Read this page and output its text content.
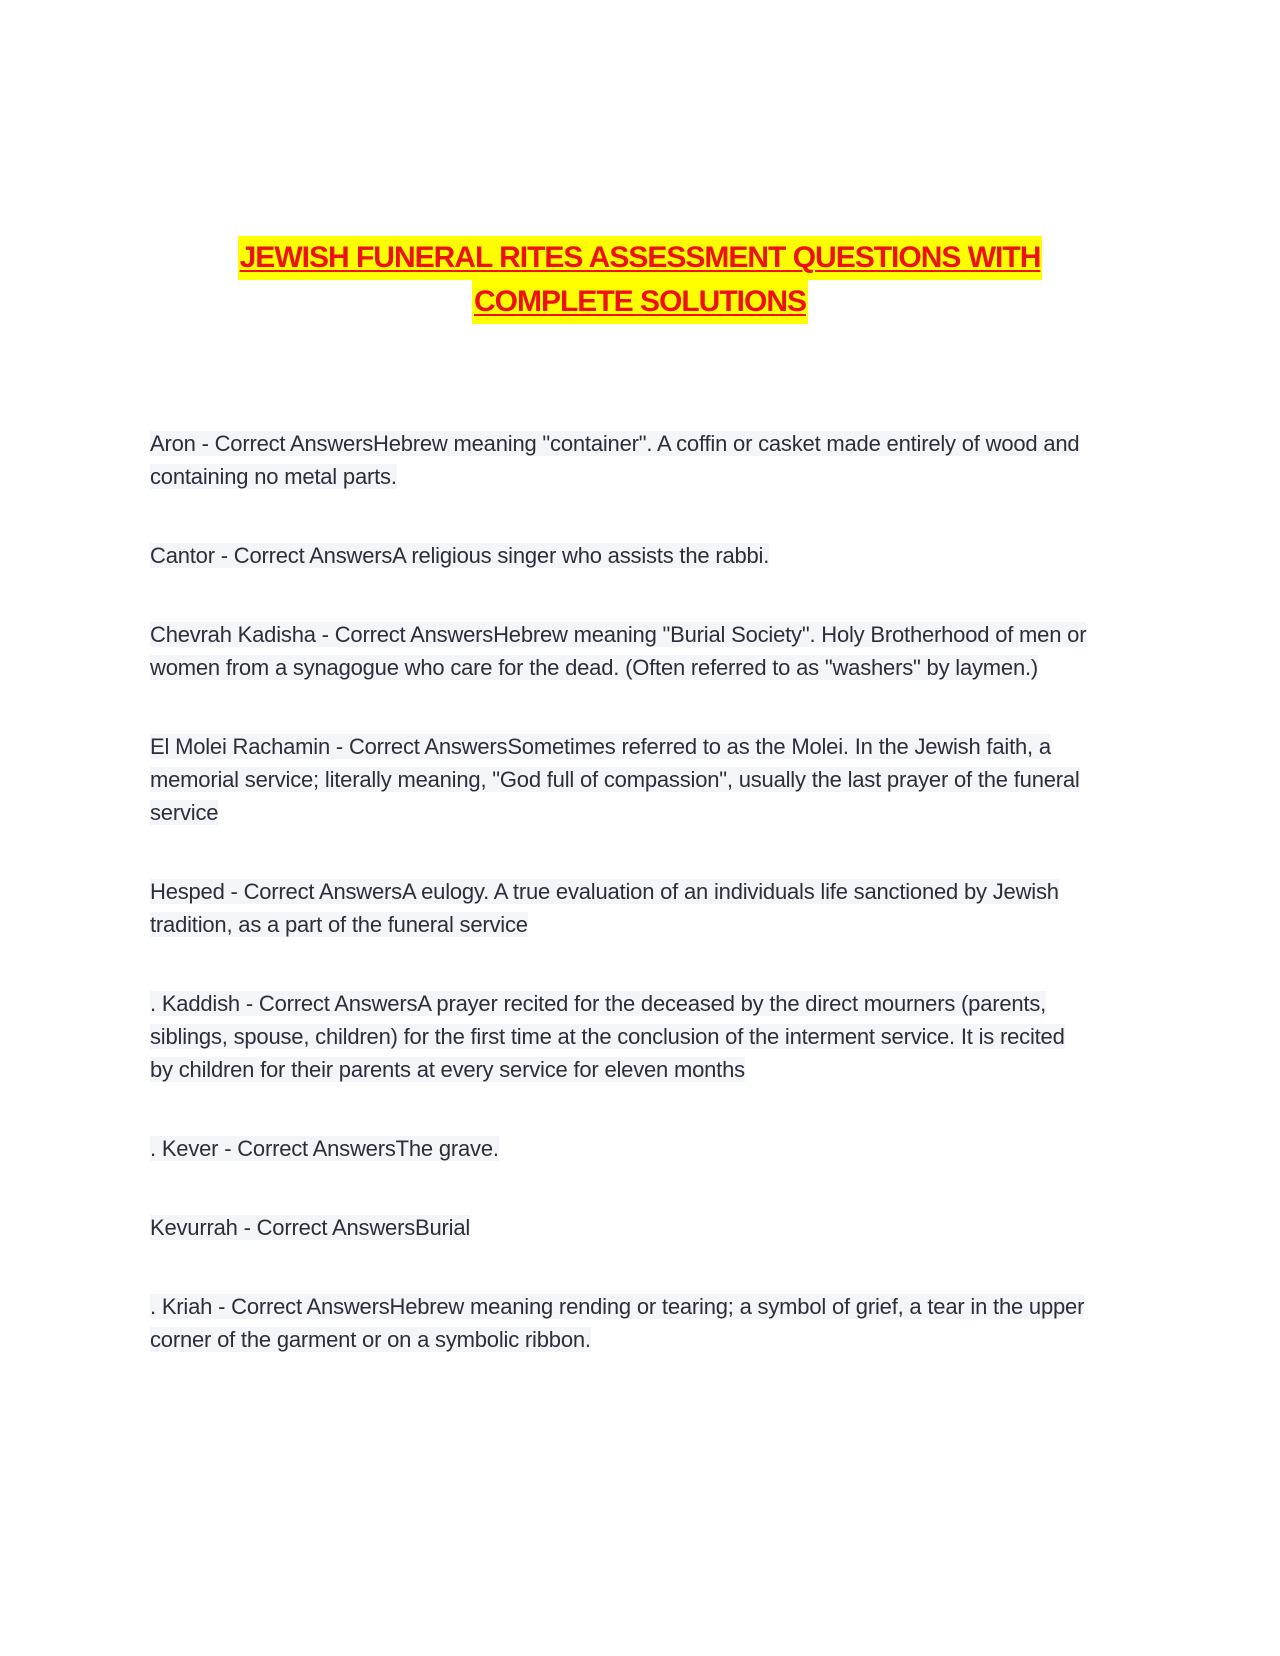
JEWISH FUNERAL RITES ASSESSMENT QUESTIONS WITH
COMPLETE SOLUTIONS
Aron - Correct AnswersHebrew meaning "container". A coffin or casket made entirely of wood and containing no metal parts.
Cantor - Correct AnswersA religious singer who assists the rabbi.
Chevrah Kadisha - Correct AnswersHebrew meaning "Burial Society". Holy Brotherhood of men or women from a synagogue who care for the dead. (Often referred to as "washers" by laymen.)
El Molei Rachamin - Correct AnswersSometimes referred to as the Molei. In the Jewish faith, a memorial service; literally meaning, "God full of compassion", usually the last prayer of the funeral service
Hesped - Correct AnswersA eulogy. A true evaluation of an individuals life sanctioned by Jewish tradition, as a part of the funeral service
. Kaddish - Correct AnswersA prayer recited for the deceased by the direct mourners (parents, siblings, spouse, children) for the first time at the conclusion of the interment service. It is recited by children for their parents at every service for eleven months
. Kever - Correct AnswersThe grave.
Kevurrah - Correct AnswersBurial
. Kriah - Correct AnswersHebrew meaning rending or tearing; a symbol of grief, a tear in the upper corner of the garment or on a symbolic ribbon.
